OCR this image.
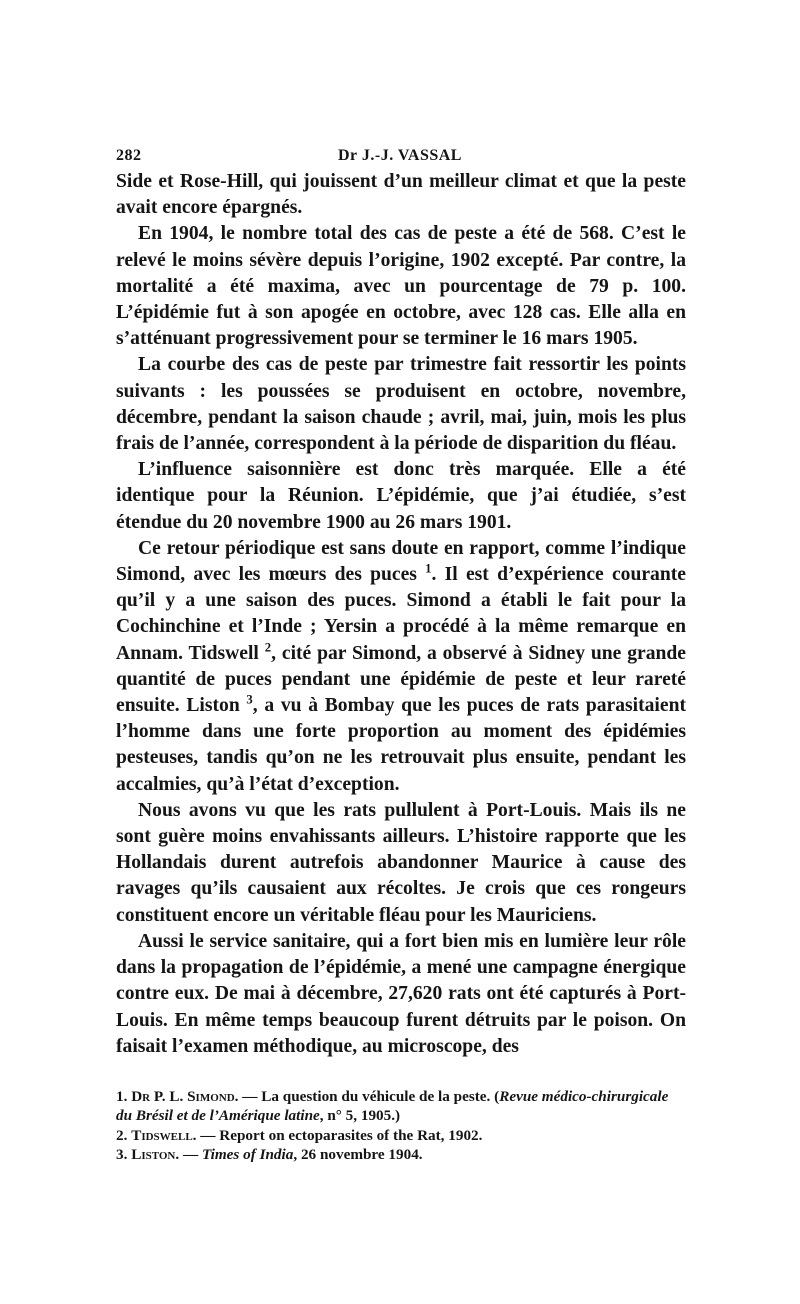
282	Dr J.-J. VASSAL

Side et Rose-Hill, qui jouissent d’un meilleur climat et que la peste avait encore épargnés.

En 1904, le nombre total des cas de peste a été de 568. C’est le relevé le moins sévère depuis l’origine, 1902 excepté. Par contre, la mortalité a été maxima, avec un pourcentage de 79 p. 100. L’épidémie fut à son apogée en octobre, avec 128 cas. Elle alla en s’atténuant progressivement pour se terminer le 16 mars 1905.

La courbe des cas de peste par trimestre fait ressortir les points suivants : les poussées se produisent en octobre, novembre, décembre, pendant la saison chaude ; avril, mai, juin, mois les plus frais de l’année, correspondent à la période de disparition du fléau.

L’influence saisonnière est donc très marquée. Elle a été identique pour la Réunion. L’épidémie, que j’ai étudiée, s’est étendue du 20 novembre 1900 au 26 mars 1901.

Ce retour périodique est sans doute en rapport, comme l’indique Simond, avec les mœurs des puces $^1$. Il est d’expérience courante qu’il y a une saison des puces. Simond a établi le fait pour la Cochinchine et l’Inde ; Yersin a procédé à la même remarque en Annam. Tidswell $^2$, cité par Simond, a observé à Sidney une grande quantité de puces pendant une épidémie de peste et leur rareté ensuite. Liston $^3$, a vu à Bombay que les puces de rats parasitaient l’homme dans une forte proportion au moment des épidémies pesteuses, tandis qu’on ne les retrouvait plus ensuite, pendant les accalmies, qu’à l’état d’exception.

Nous avons vu que les rats pullulent à Port-Louis. Mais ils ne sont guère moins envahissants ailleurs. L’histoire rapporte que les Hollandais durent autrefois abandonner Maurice à cause des ravages qu’ils causaient aux récoltes. Je crois que ces rongeurs constituent encore un véritable fléau pour les Mauriciens.

Aussi le service sanitaire, qui a fort bien mis en lumière leur rôle dans la propagation de l’épidémie, a mené une campagne énergique contre eux. De mai à décembre, 27,620 rats ont été capturés à Port-Louis. En même temps beaucoup furent détruits par le poison. On faisait l’examen méthodique, au microscope, des

1. Dr P. L. Simond. — La question du véhicule de la peste. (Revue médico-chirurgicale du Brésil et de l’Amérique latine, n° 5, 1905.)
2. Tidswell. — Report on ectoparasites of the Rat, 1902.
3. Liston. — Times of India, 26 novembre 1904.
